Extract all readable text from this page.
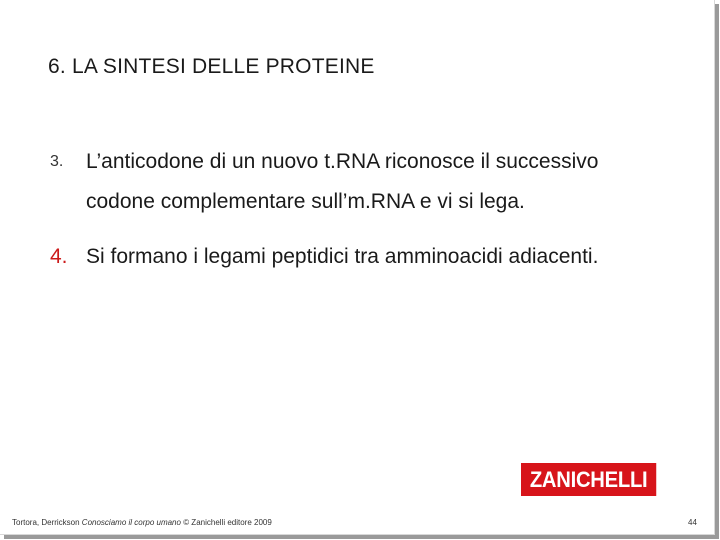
6. LA SINTESI DELLE PROTEINE
3. L’anticodone di un nuovo t.RNA riconosce il successivo
codone complementare sull’m.RNA e vi si lega.
4. Si formano i legami peptidici tra amminoacidi adiacenti.
ZANICHELLI
Tortora, Derrickson Conosciamo il corpo umano © Zanichelli editore 2009	44
